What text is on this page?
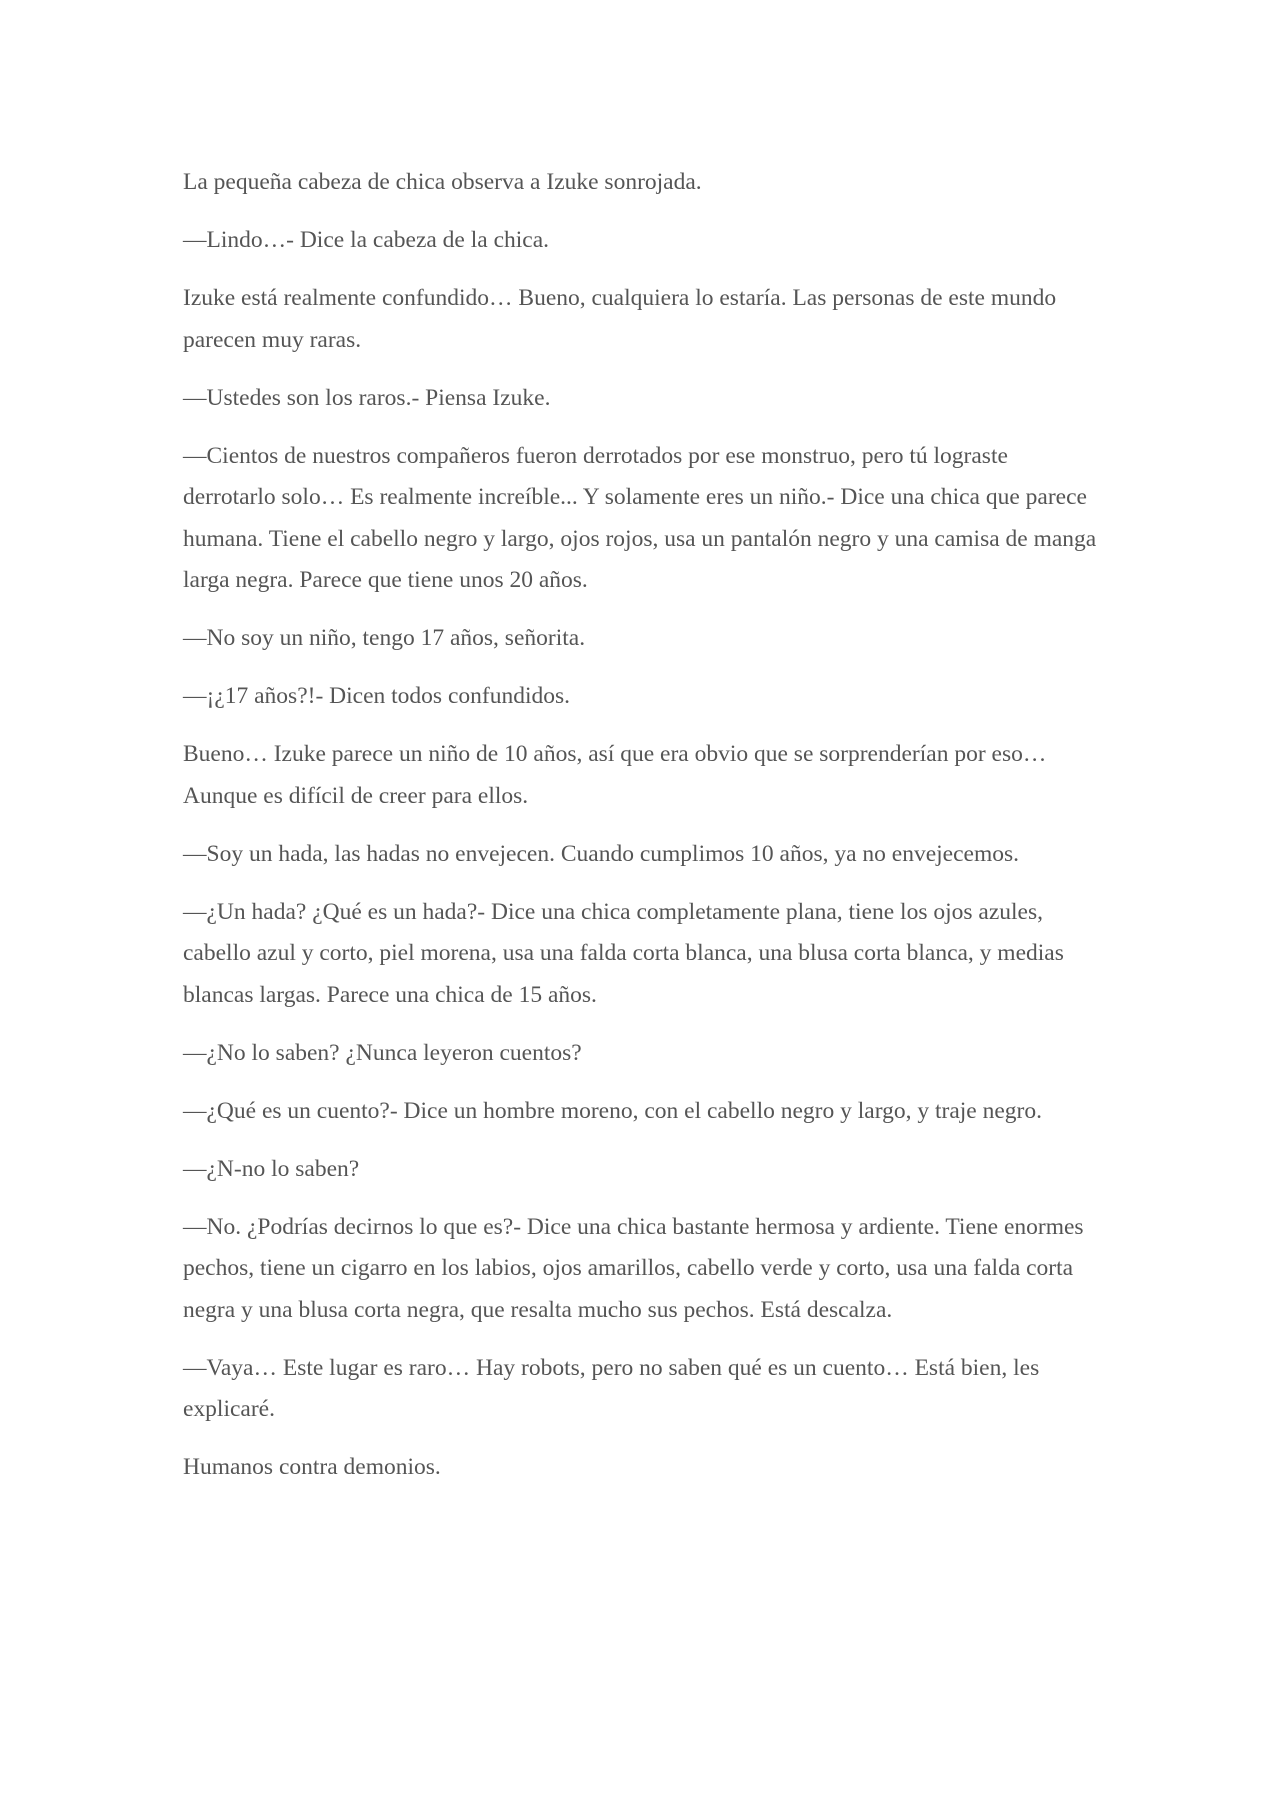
La pequeña cabeza de chica observa a Izuke sonrojada.

—Lindo…- Dice la cabeza de la chica.

Izuke está realmente confundido… Bueno, cualquiera lo estaría. Las personas de este mundo parecen muy raras.

—Ustedes son los raros.- Piensa Izuke.

—Cientos de nuestros compañeros fueron derrotados por ese monstruo, pero tú lograste derrotarlo solo… Es realmente increíble... Y solamente eres un niño.- Dice una chica que parece humana. Tiene el cabello negro y largo, ojos rojos, usa un pantalón negro y una camisa de manga larga negra. Parece que tiene unos 20 años.

—No soy un niño, tengo 17 años, señorita.

—¡¿17 años?!- Dicen todos confundidos.

Bueno… Izuke parece un niño de 10 años, así que era obvio que se sorprenderían por eso… Aunque es difícil de creer para ellos.

—Soy un hada, las hadas no envejecen. Cuando cumplimos 10 años, ya no envejecemos.

—¿Un hada? ¿Qué es un hada?- Dice una chica completamente plana, tiene los ojos azules, cabello azul y corto, piel morena, usa una falda corta blanca, una blusa corta blanca, y medias blancas largas. Parece una chica de 15 años.

—¿No lo saben? ¿Nunca leyeron cuentos?

—¿Qué es un cuento?- Dice un hombre moreno, con el cabello negro y largo, y traje negro.

—¿N-no lo saben?

—No. ¿Podrías decirnos lo que es?- Dice una chica bastante hermosa y ardiente. Tiene enormes pechos, tiene un cigarro en los labios, ojos amarillos, cabello verde y corto, usa una falda corta negra y una blusa corta negra, que resalta mucho sus pechos. Está descalza.

—Vaya… Este lugar es raro… Hay robots, pero no saben qué es un cuento… Está bien, les explicaré.

Humanos contra demonios.
